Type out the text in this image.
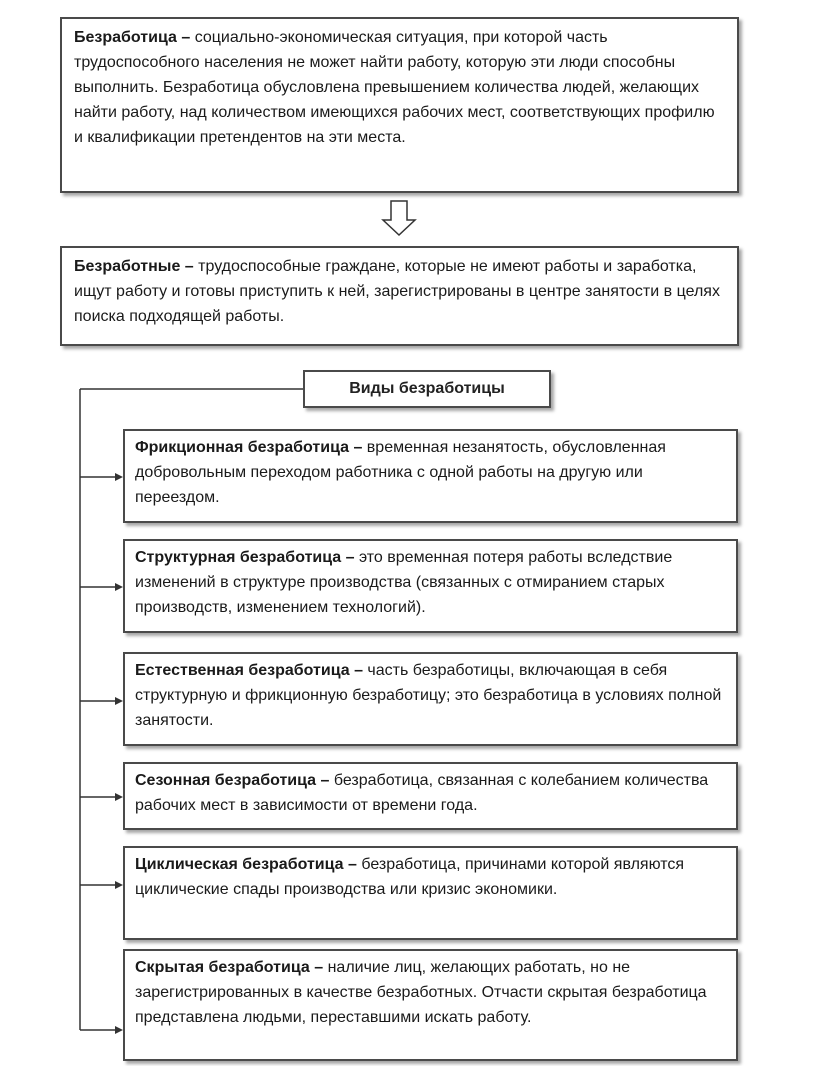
Безработица – социально-экономическая ситуация, при которой часть трудоспособного населения не может найти работу, которую эти люди способны выполнить. Безработица обусловлена превышением количества людей, желающих найти работу, над количеством имеющихся рабочих мест, соответствующих профилю и квалификации претендентов на эти места.

Безработные – трудоспособные граждане, которые не имеют работы и заработка, ищут работу и готовы приступить к ней, зарегистрированы в центре занятости в целях поиска подходящей работы.

Виды безработицы

Фрикционная безработица – временная незанятость, обусловленная добровольным переходом работника с одной работы на другую или переездом.

Структурная безработица – это временная потеря работы вследствие изменений в структуре производства (связанных с отмиранием старых производств, изменением технологий).

Естественная безработица – часть безработицы, включающая в себя структурную и фрикционную безработицу; это безработица в условиях полной занятости.

Сезонная безработица – безработица, связанная с колебанием количества рабочих мест в зависимости от времени года.

Циклическая безработица – безработица, причинами которой являются циклические спады производства или кризис экономики.

Скрытая безработица – наличие лиц, желающих работать, но не зарегистрированных в качестве безработных. Отчасти скрытая безработица представлена людьми, переставшими искать работу.
